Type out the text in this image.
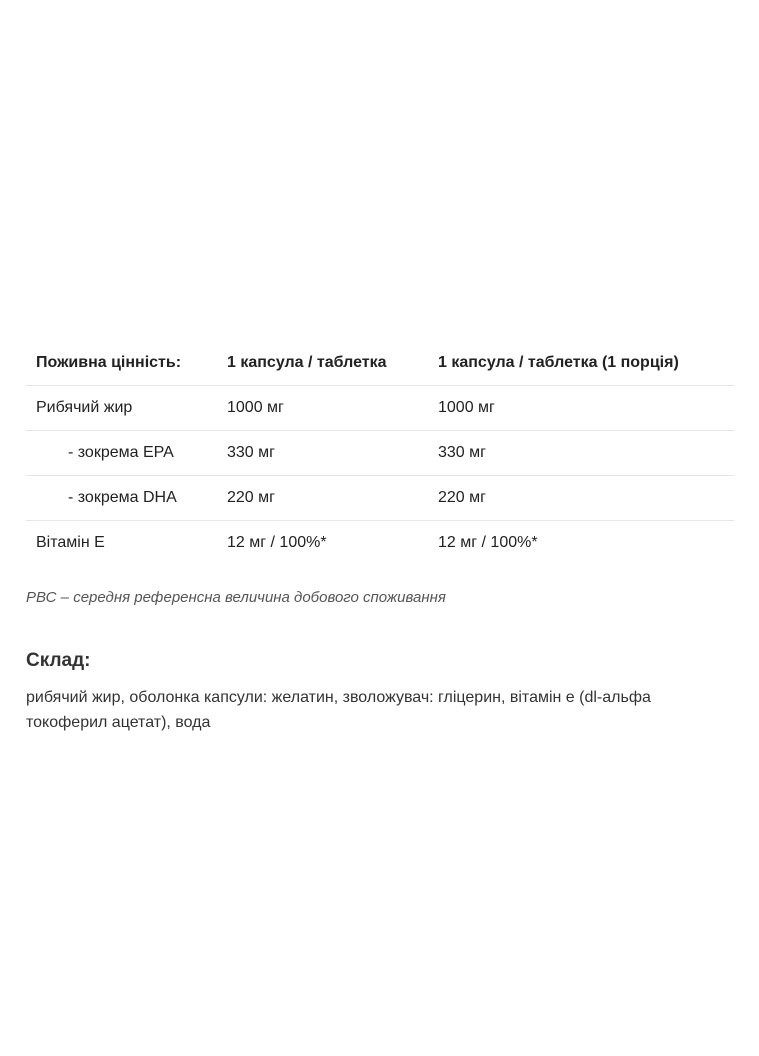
Поживна цінність:	1 капсула / таблетка	1 капсула / таблетка (1 порція)
Рибячий жир	1000 мг	1000 мг
- зокрема EPA	330 мг	330 мг
- зокрема DHA	220 мг	220 мг
Вітамін Е	12 мг / 100%*	12 мг / 100%*
РВС – середня референсна величина добового споживання
Склад:

рибячий жир, оболонка капсули: желатин, зволожувач: гліцерин, вітамін е (dl-альфа токоферил ацетат), вода
